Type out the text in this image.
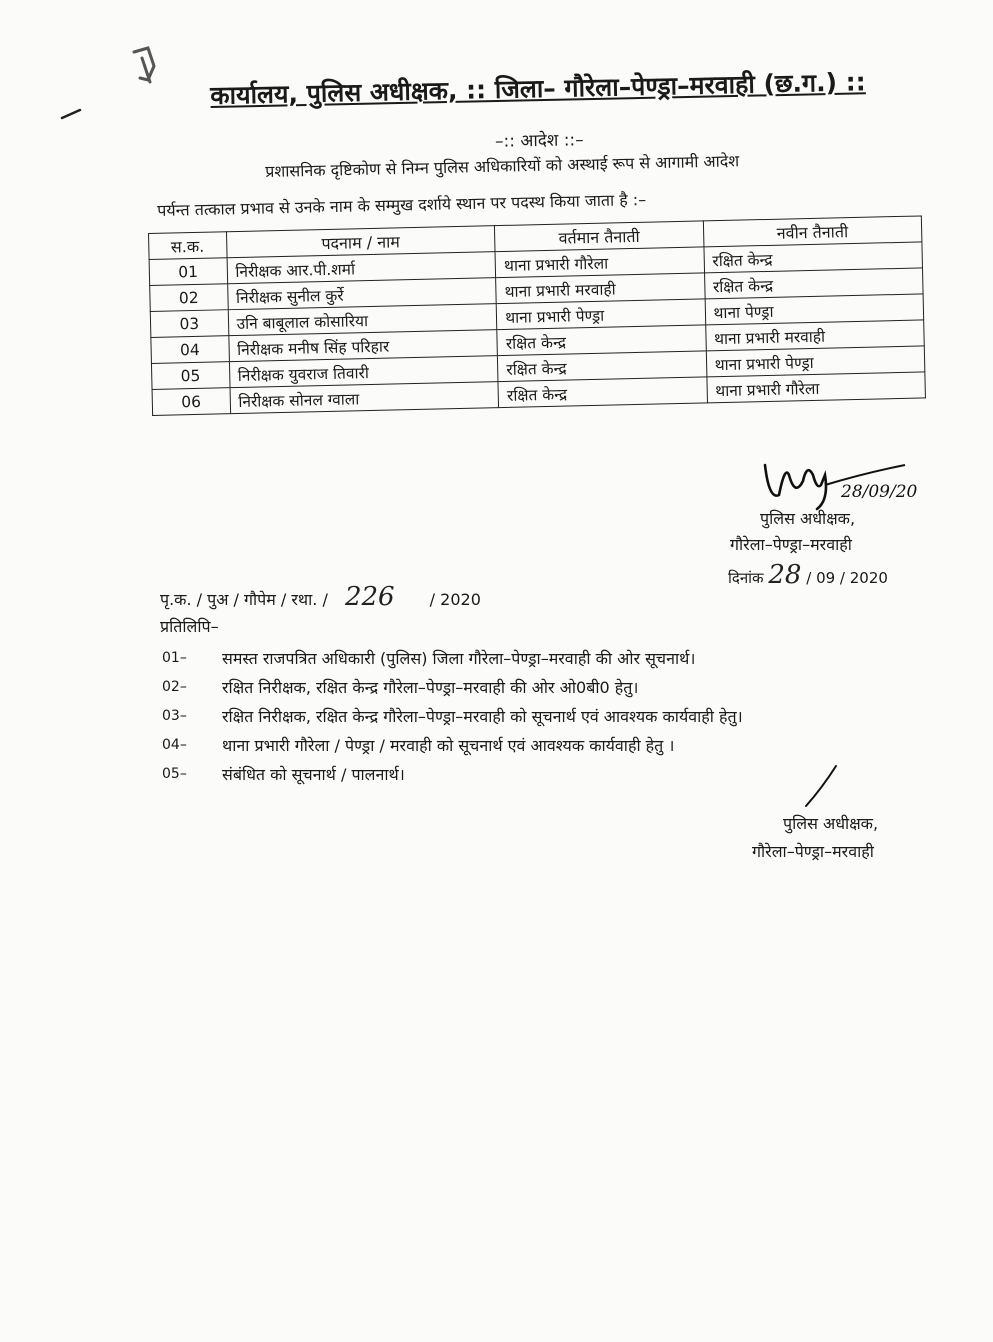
कार्यालय, पुलिस अधीक्षक, :: जिला– गौरेला–पेण्ड्रा–मरवाही (छ.ग.) ::
–:: आदेश ::–
प्रशासनिक दृष्टिकोण से निम्न पुलिस अधिकारियों को अस्थाई रूप से आगामी आदेश
पर्यन्त तत्काल प्रभाव से उनके नाम के सम्मुख दर्शाये स्थान पर पदस्थ किया जाता है :–
स.क.	पदनाम / नाम	वर्तमान तैनाती	नवीन तैनाती
01	निरीक्षक आर.पी.शर्मा	थाना प्रभारी गौरेला	रक्षित केन्द्र
02	निरीक्षक सुनील कुर्रे	थाना प्रभारी मरवाही	रक्षित केन्द्र
03	उनि बाबूलाल कोसारिया	थाना प्रभारी पेण्ड्रा	थाना पेण्ड्रा
04	निरीक्षक मनीष सिंह परिहार	रक्षित केन्द्र	थाना प्रभारी मरवाही
05	निरीक्षक युवराज तिवारी	रक्षित केन्द्र	थाना प्रभारी पेण्ड्रा
06	निरीक्षक सोनल ग्वाला	रक्षित केन्द्र	थाना प्रभारी गौरेला
28/09/20
पुलिस अधीक्षक,
गौरेला–पेण्ड्रा–मरवाही
दिनांक 28 / 09 / 2020
पृ.क. / पुअ / गौपेम / रथा. / 226 / 2020
प्रतिलिपि–
01–	समस्त राजपत्रित अधिकारी (पुलिस) जिला गौरेला–पेण्ड्रा–मरवाही की ओर सूचनार्थ।
02–	रक्षित निरीक्षक, रक्षित केन्द्र गौरेला–पेण्ड्रा–मरवाही की ओर ओ0बी0 हेतु।
03–	रक्षित निरीक्षक, रक्षित केन्द्र गौरेला–पेण्ड्रा–मरवाही को सूचनार्थ एवं आवश्यक कार्यवाही हेतु।
04–	थाना प्रभारी गौरेला / पेण्ड्रा / मरवाही को सूचनार्थ एवं आवश्यक कार्यवाही हेतु ।
05–	संबंधित को सूचनार्थ / पालनार्थ।
पुलिस अधीक्षक,
गौरेला–पेण्ड्रा–मरवाही
